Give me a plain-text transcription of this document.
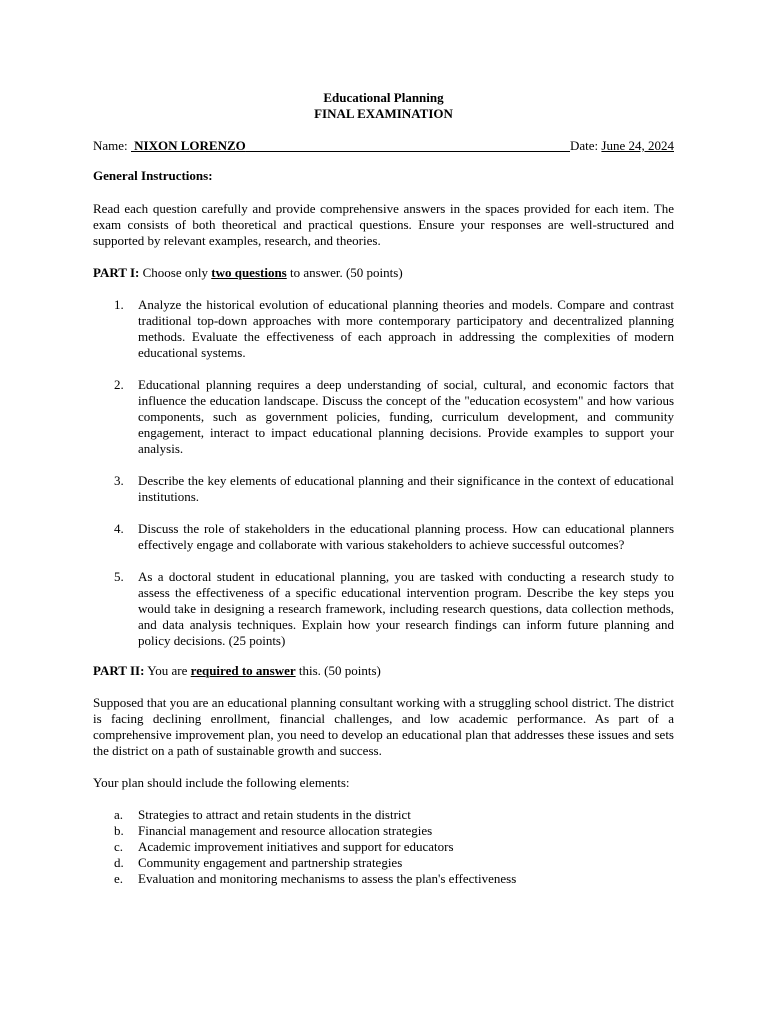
Educational Planning
FINAL EXAMINATION
Name: NIXON LORENZO	Date: June 24, 2024
General Instructions:

Read each question carefully and provide comprehensive answers in the spaces provided for each item. The exam consists of both theoretical and practical questions. Ensure your responses are well-structured and supported by relevant examples, research, and theories.

PART I: Choose only two questions to answer. (50 points)
1.	Analyze the historical evolution of educational planning theories and models. Compare and contrast traditional top-down approaches with more contemporary participatory and decentralized planning methods. Evaluate the effectiveness of each approach in addressing the complexities of modern educational systems.
2.	Educational planning requires a deep understanding of social, cultural, and economic factors that influence the education landscape. Discuss the concept of the "education ecosystem" and how various components, such as government policies, funding, curriculum development, and community engagement, interact to impact educational planning decisions. Provide examples to support your analysis.
3.	Describe the key elements of educational planning and their significance in the context of educational institutions.
4.	Discuss the role of stakeholders in the educational planning process. How can educational planners effectively engage and collaborate with various stakeholders to achieve successful outcomes?
5.	As a doctoral student in educational planning, you are tasked with conducting a research study to assess the effectiveness of a specific educational intervention program. Describe the key steps you would take in designing a research framework, including research questions, data collection methods, and data analysis techniques. Explain how your research findings can inform future planning and policy decisions. (25 points)
PART II: You are required to answer this. (50 points)

Supposed that you are an educational planning consultant working with a struggling school district. The district is facing declining enrollment, financial challenges, and low academic performance. As part of a comprehensive improvement plan, you need to develop an educational plan that addresses these issues and sets the district on a path of sustainable growth and success.

Your plan should include the following elements:

a.	Strategies to attract and retain students in the district
b.	Financial management and resource allocation strategies
c.	Academic improvement initiatives and support for educators
d.	Community engagement and partnership strategies
e.	Evaluation and monitoring mechanisms to assess the plan's effectiveness
